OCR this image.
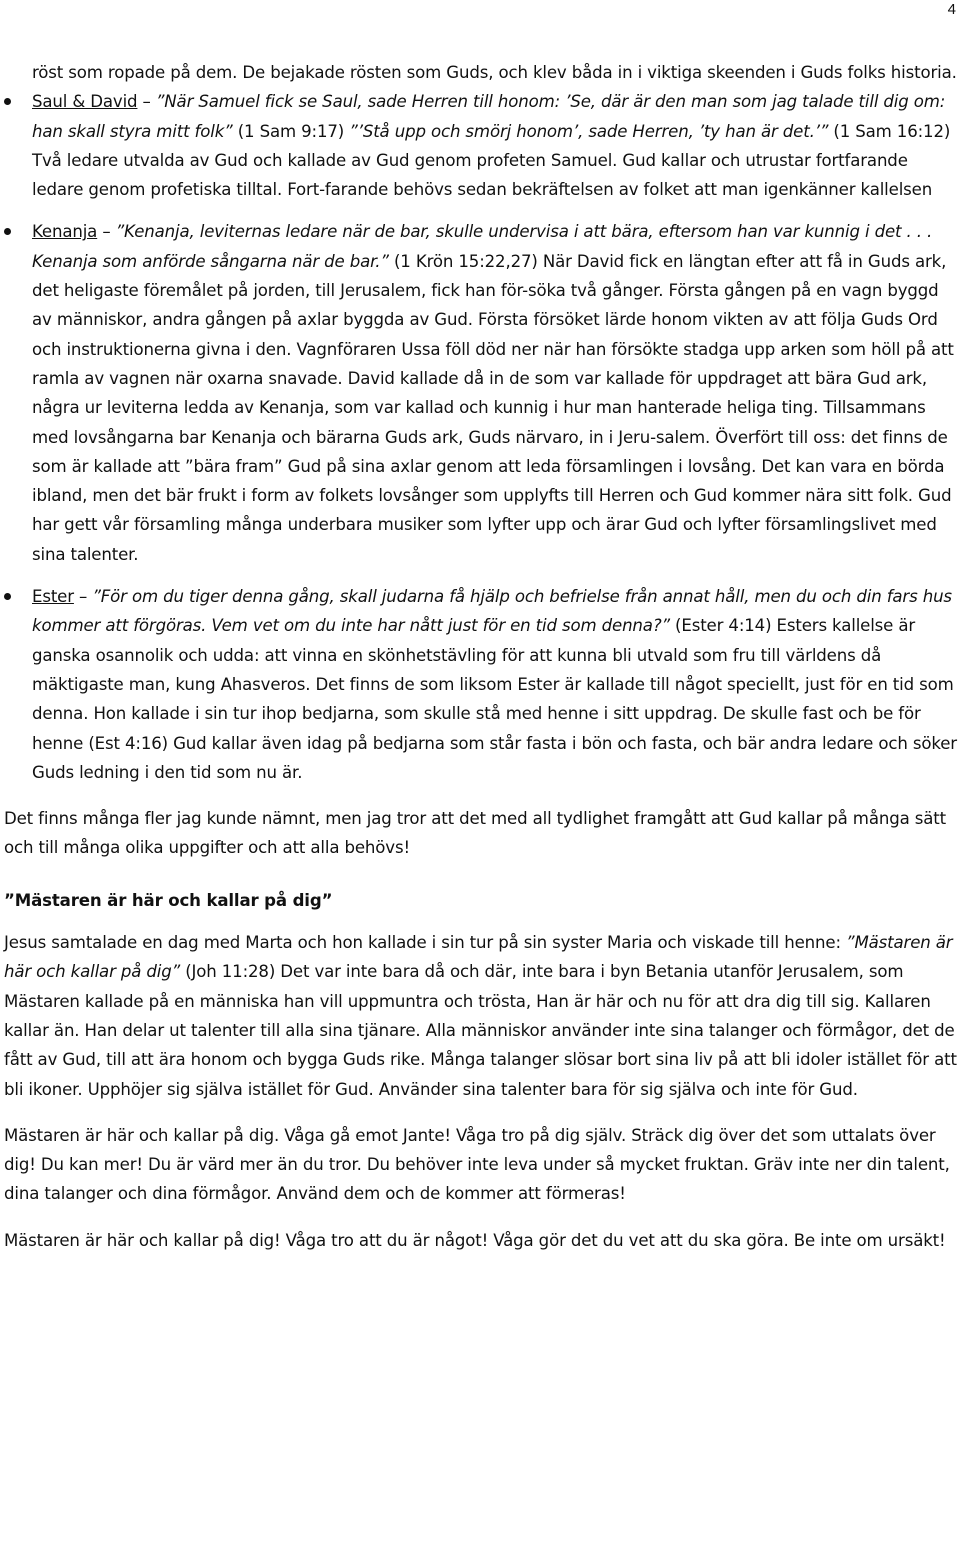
4

röst som ropade på dem. De bejakade rösten som Guds, och klev båda in i viktiga skeenden i Guds folks historia.

Saul & David – ”När Samuel fick se Saul, sade Herren till honom: ’Se, där är den man som jag talade till dig om: han skall styra mitt folk” (1 Sam 9:17) ”’Stå upp och smörj honom’, sade Herren, ’ty han är det.’” (1 Sam 16:12) Två ledare utvalda av Gud och kallade av Gud genom profeten Samuel. Gud kallar och utrustar fortfarande ledare genom profetiska tilltal. Fort-farande behövs sedan bekräftelsen av folket att man igenkänner kallelsen

Kenanja – ”Kenanja, leviternas ledare när de bar, skulle undervisa i att bära, eftersom han var kunnig i det . . . Kenanja som anförde sångarna när de bar.” (1 Krön 15:22,27) När David fick en längtan efter att få in Guds ark, det heligaste föremålet på jorden, till Jerusalem, fick han för-söka två gånger. Första gången på en vagn byggd av människor, andra gången på axlar byggda av Gud. Första försöket lärde honom vikten av att följa Guds Ord och instruktionerna givna i den. Vagnföraren Ussa föll död ner när han försökte stadga upp arken som höll på att ramla av vagnen när oxarna snavade. David kallade då in de som var kallade för uppdraget att bära Gud ark, några ur leviterna ledda av Kenanja, som var kallad och kunnig i hur man hanterade heliga ting. Tillsammans med lovsångarna bar Kenanja och bärarna Guds ark, Guds närvaro, in i Jeru-salem. Överfört till oss: det finns de som är kallade att ”bära fram” Gud på sina axlar genom att leda församlingen i lovsång. Det kan vara en börda ibland, men det bär frukt i form av folkets lovsånger som upplyfts till Herren och Gud kommer nära sitt folk. Gud har gett vår församling många underbara musiker som lyfter upp och ärar Gud och lyfter församlingslivet med sina talenter.

Ester – ”För om du tiger denna gång, skall judarna få hjälp och befrielse från annat håll, men du och din fars hus kommer att förgöras. Vem vet om du inte har nått just för en tid som denna?” (Ester 4:14) Esters kallelse är ganska osannolik och udda: att vinna en skönhetstävling för att kunna bli utvald som fru till världens då mäktigaste man, kung Ahasveros. Det finns de som liksom Ester är kallade till något speciellt, just för en tid som denna. Hon kallade i sin tur ihop bedjarna, som skulle stå med henne i sitt uppdrag. De skulle fast och be för henne (Est 4:16) Gud kallar även idag på bedjarna som står fasta i bön och fasta, och bär andra ledare och söker Guds ledning i den tid som nu är.

Det finns många fler jag kunde nämnt, men jag tror att det med all tydlighet framgått att Gud kallar på många sätt och till många olika uppgifter och att alla behövs!

”Mästaren är här och kallar på dig”

Jesus samtalade en dag med Marta och hon kallade i sin tur på sin syster Maria och viskade till henne: ”Mästaren är här och kallar på dig” (Joh 11:28) Det var inte bara då och där, inte bara i byn Betania utanför Jerusalem, som Mästaren kallade på en människa han vill uppmuntra och trösta, Han är här och nu för att dra dig till sig. Kallaren kallar än. Han delar ut talenter till alla sina tjänare. Alla människor använder inte sina talanger och förmågor, det de fått av Gud, till att ära honom och bygga Guds rike. Många talanger slösar bort sina liv på att bli idoler istället för att bli ikoner. Upphöjer sig själva istället för Gud. Använder sina talenter bara för sig själva och inte för Gud.

Mästaren är här och kallar på dig. Våga gå emot Jante! Våga tro på dig själv. Sträck dig över det som uttalats över dig! Du kan mer! Du är värd mer än du tror. Du behöver inte leva under så mycket fruktan. Gräv inte ner din talent, dina talanger och dina förmågor. Använd dem och de kommer att förmeras!

Mästaren är här och kallar på dig! Våga tro att du är något! Våga gör det du vet att du ska göra. Be inte om ursäkt!
